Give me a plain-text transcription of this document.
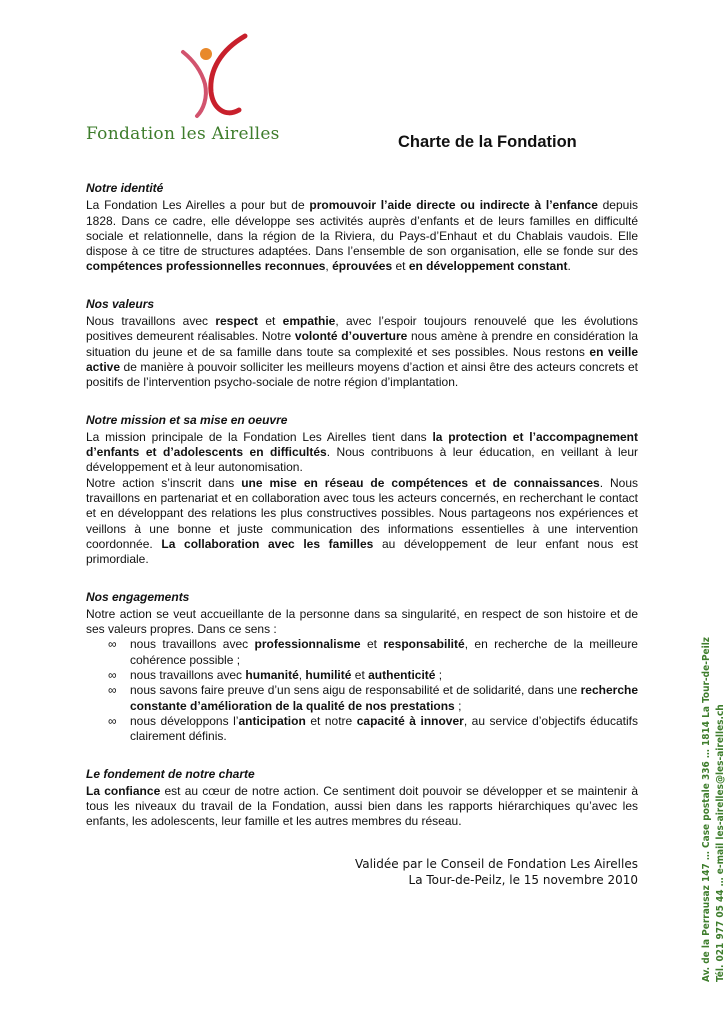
Fondation les Airelles	Charte de la Fondation

Notre identité

La Fondation Les Airelles a pour but de promouvoir l’aide directe ou indirecte à l’enfance depuis 1828. Dans ce cadre, elle développe ses activités auprès d’enfants et de leurs familles en difficulté sociale et relationnelle, dans la région de la Riviera, du Pays-d’Enhaut et du Chablais vaudois. Elle dispose à ce titre de structures adaptées. Dans l’ensemble de son organisation, elle se fonde sur des compétences professionnelles reconnues, éprouvées et en développement constant.

Nos valeurs

Nous travaillons avec respect et empathie, avec l’espoir toujours renouvelé que les évolutions positives demeurent réalisables. Notre volonté d’ouverture nous amène à prendre en considération la situation du jeune et de sa famille dans toute sa complexité et ses possibles. Nous restons en veille active de manière à pouvoir solliciter les meilleurs moyens d’action et ainsi être des acteurs concrets et positifs de l’intervention psycho-sociale de notre région d’implantation.

Notre mission et sa mise en oeuvre

La mission principale de la Fondation Les Airelles tient dans la protection et l’accompagnement d’enfants et d’adolescents en difficultés. Nous contribuons à leur éducation, en veillant à leur développement et à leur autonomisation.

Notre action s’inscrit dans une mise en réseau de compétences et de connaissances. Nous travaillons en partenariat et en collaboration avec tous les acteurs concernés, en recherchant le contact et en développant des relations les plus constructives possibles. Nous partageons nos expériences et veillons à une bonne et juste communication des informations essentielles à une intervention coordonnée. La collaboration avec les familles au développement de leur enfant nous est primordiale.

Nos engagements

Notre action se veut accueillante de la personne dans sa singularité, en respect de son histoire et de ses valeurs propres. Dans ce sens :

∞ nous travaillons avec professionnalisme et responsabilité, en recherche de la meilleure cohérence possible ;
∞ nous travaillons avec humanité, humilité et authenticité ;
∞ nous savons faire preuve d’un sens aigu de responsabilité et de solidarité, dans une recherche constante d’amélioration de la qualité de nos prestations ;
∞ nous développons l’anticipation et notre capacité à innover, au service d’objectifs éducatifs clairement définis.

Le fondement de notre charte

La confiance est au cœur de notre action. Ce sentiment doit pouvoir se développer et se maintenir à tous les niveaux du travail de la Fondation, aussi bien dans les rapports hiérarchiques qu’avec les enfants, les adolescents, leur famille et les autres membres du réseau.

Validée par le Conseil de Fondation Les Airelles
La Tour-de-Peilz, le 15 novembre 2010	Av. de la Perrausaz 147 … Case postale 336 … 1814 La Tour-de-Peilz Tél. 021 977 05 44 … e-mail les-airelles@les-airelles.ch
